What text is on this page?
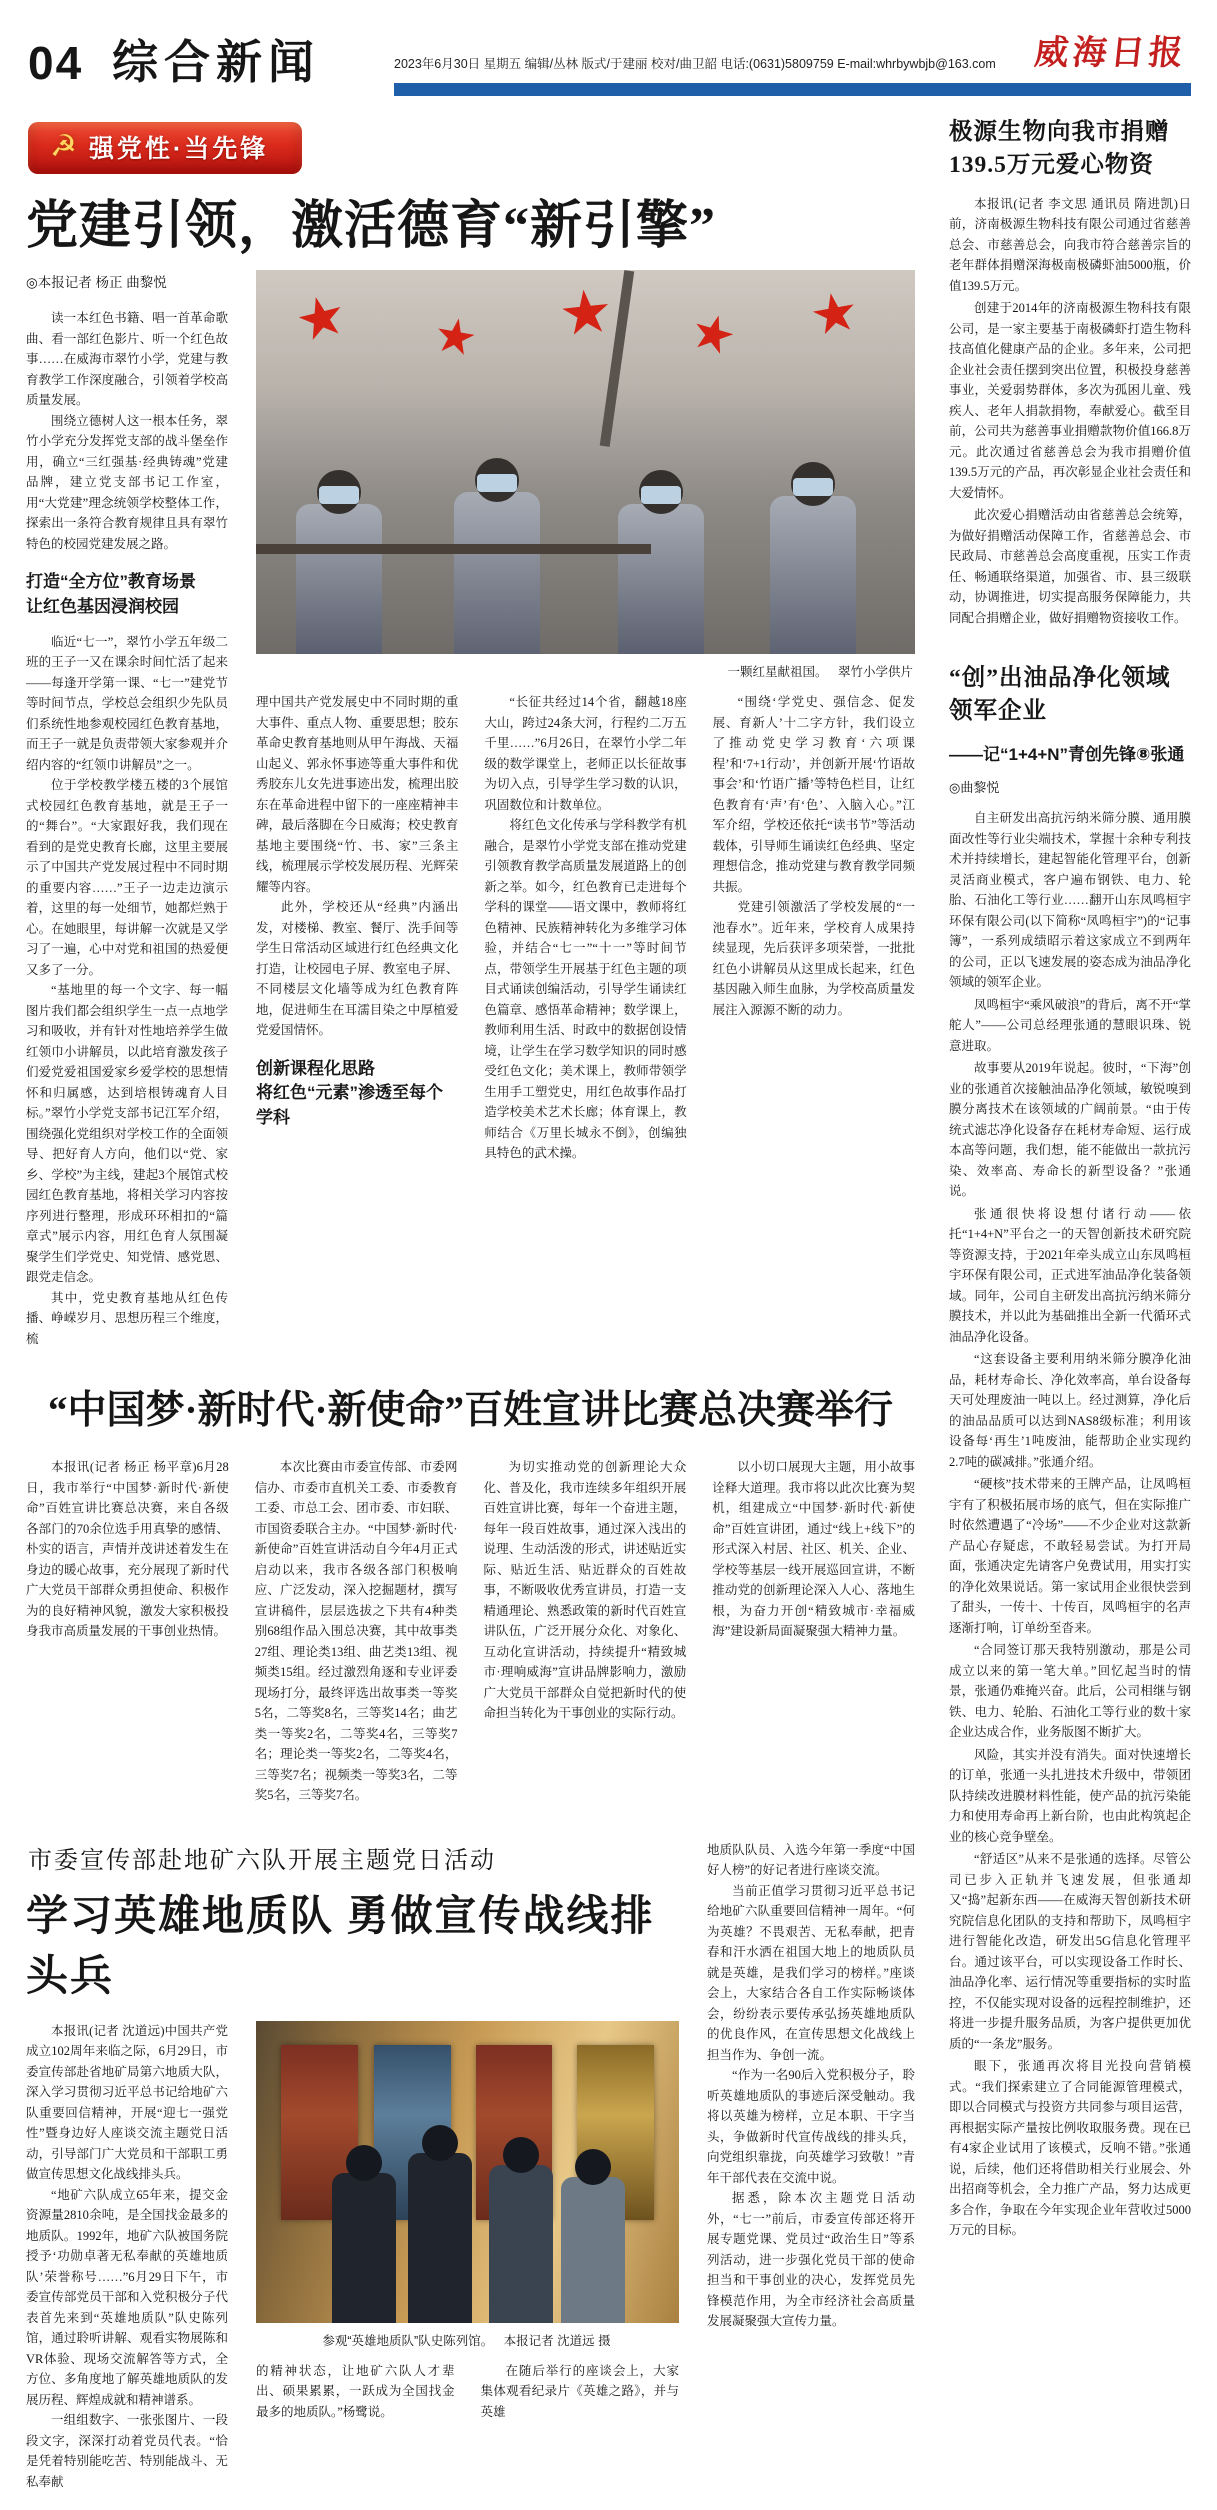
04 综合新闻	2023年6月30日 星期五 编辑/丛林 版式/于建丽 校对/曲卫韶 电话:(0631)5809759 E-mail:whrbywbjb@163.com 威海日报
☭ 强党性·当先锋
党建引领，激活德育“新引擎”
◎本报记者 杨正 曲黎悦

读一本红色书籍、唱一首革命歌曲、看一部红色影片、听一个红色故事……在威海市翠竹小学，党建与教育教学工作深度融合，引领着学校高质量发展。

围绕立德树人这一根本任务，翠竹小学充分发挥党支部的战斗堡垒作用，确立“三红强基·经典铸魂”党建品牌，建立党支部书记工作室，用“大党建”理念统领学校整体工作，探索出一条符合教育规律且具有翠竹特色的校园党建发展之路。

打造“全方位”教育场景
让红色基因浸润校园

临近“七一”，翠竹小学五年级二班的王子一又在课余时间忙活了起来——每逢开学第一课、“七一”建党节等时间节点，学校总会组织少先队员们系统性地参观校园红色教育基地，而王子一就是负责带领大家参观并介绍内容的“红领巾讲解员”之一。

位于学校教学楼五楼的3个展馆式校园红色教育基地，就是王子一的“舞台”。“大家跟好我，我们现在看到的是党史教育长廊，这里主要展示了中国共产党发展过程中不同时期的重要内容……”王子一边走边演示着，这里的每一处细节，她都烂熟于心。在她眼里，每讲解一次就是又学习了一遍，心中对党和祖国的热爱便又多了一分。

“基地里的每一个文字、每一幅图片我们都会组织学生一点一点地学习和吸收，并有针对性地培养学生做红领巾小讲解员，以此培育激发孩子们爱党爱祖国爱家乡爱学校的思想情怀和归属感，达到培根铸魂育人目标。”翠竹小学党支部书记江军介绍，围绕强化党组织对学校工作的全面领导、把好育人方向，他们以“党、家乡、学校”为主线，建起3个展馆式校园红色教育基地，将相关学习内容按序列进行整理，形成环环相扣的“篇章式”展示内容，用红色育人氛围凝聚学生们学党史、知党情、感党恩、跟党走信念。

其中，党史教育基地从红色传播、峥嵘岁月、思想历程三个维度，梳

★ ★ ★ ★ ★
一颗红星献祖国。 翠竹小学供片

理中国共产党发展史中不同时期的重大事件、重点人物、重要思想；胶东革命史教育基地则从甲午海战、天福山起义、郭永怀事迹等重大事件和优秀胶东儿女先进事迹出发，梳理出胶东在革命进程中留下的一座座精神丰碑，最后落脚在今日威海；校史教育基地主要围绕“竹、书、家”三条主线，梳理展示学校发展历程、光辉荣耀等内容。

此外，学校还从“经典”内涵出发，对楼梯、教室、餐厅、洗手间等学生日常活动区域进行红色经典文化打造，让校园电子屏、教室电子屏、不同楼层文化墙等成为红色教育阵地，促进师生在耳濡目染之中厚植爱党爱国情怀。

创新课程化思路
将红色“元素”渗透至每个学科

“长征共经过14个省，翻越18座大山，跨过24条大河，行程约二万五千里……”6月26日，在翠竹小学二年级的数学课堂上，老师正以长征故事为切入点，引导学生学习数的认识，巩固数位和计数单位。

将红色文化传承与学科教学有机融合，是翠竹小学党支部在推动党建引领教育教学高质量发展道路上的创新之举。如今，红色教育已走进每个学科的课堂——语文课中，教师将红色精神、民族精神转化为多维学习体验，并结合“七一”“十一”等时间节点，带领学生开展基于红色主题的项目式诵读创编活动，引导学生诵读红色篇章、感悟革命精神；数学课上，教师利用生活、时政中的数据创设情境，让学生在学习数学知识的同时感受红色文化；美术课上，教师带领学生用手工塑党史，用红色故事作品打造学校美术艺术长廊；体育课上，教师结合《万里长城永不倒》，创编独具特色的武术操。

“围绕‘学党史、强信念、促发展、育新人’十二字方针，我们设立了推动党史学习教育‘六项课程’和‘7+1行动’，并创新开展‘竹语故事会’和‘竹语广播’等特色栏目，让红色教育有‘声’有‘色’、入脑入心。”江军介绍，学校还依托“读书节”等活动载体，引导师生诵读红色经典、坚定理想信念，推动党建与教育教学同频共振。

党建引领激活了学校发展的“一池春水”。近年来，学校育人成果持续显现，先后获评多项荣誉，一批批红色小讲解员从这里成长起来，红色基因融入师生血脉，为学校高质量发展注入源源不断的动力。

“中国梦·新时代·新使命”百姓宣讲比赛总决赛举行

本报讯(记者 杨正 杨平章)6月28日，我市举行“中国梦·新时代·新使命”百姓宣讲比赛总决赛，来自各级各部门的70余位选手用真挚的感情、朴实的语言，声情并茂讲述着发生在身边的暖心故事，充分展现了新时代广大党员干部群众勇担使命、积极作为的良好精神风貌，激发大家积极投身我市高质量发展的干事创业热情。

本次比赛由市委宣传部、市委网信办、市委市直机关工委、市委教育工委、市总工会、团市委、市妇联、市国资委联合主办。“中国梦·新时代·新使命”百姓宣讲活动自今年4月正式启动以来，我市各级各部门积极响应、广泛发动，深入挖掘题材，撰写宣讲稿件，层层选拔之下共有4种类别68组作品入围总决赛，其中故事类27组、理论类13组、曲艺类13组、视频类15组。经过激烈角逐和专业评委现场打分，最终评选出故事类一等奖5名，二等奖8名，三等奖14名；曲艺类一等奖2名，二等奖4名，三等奖7名；理论类一等奖2名，二等奖4名，三等奖7名；视频类一等奖3名，二等奖5名，三等奖7名。

为切实推动党的创新理论大众化、普及化，我市连续多年组织开展百姓宣讲比赛，每年一个奋进主题，每年一段百姓故事，通过深入浅出的说理、生动活泼的形式，讲述贴近实际、贴近生活、贴近群众的百姓故事，不断吸收优秀宣讲员，打造一支精通理论、熟悉政策的新时代百姓宣讲队伍，广泛开展分众化、对象化、互动化宣讲活动，持续提升“精致城市·理响威海”宣讲品牌影响力，激励广大党员干部群众自觉把新时代的使命担当转化为干事创业的实际行动。

以小切口展现大主题，用小故事诠释大道理。我市将以此次比赛为契机，组建成立“中国梦·新时代·新使命”百姓宣讲团，通过“线上+线下”的形式深入村居、社区、机关、企业、学校等基层一线开展巡回宣讲，不断推动党的创新理论深入人心、落地生根，为奋力开创“精致城市·幸福威海”建设新局面凝聚强大精神力量。

市委宣传部赴地矿六队开展主题党日活动
学习英雄地质队 勇做宣传战线排头兵

本报讯(记者 沈道远)中国共产党成立102周年来临之际，6月29日，市委宣传部赴省地矿局第六地质大队，深入学习贯彻习近平总书记给地矿六队重要回信精神，开展“迎七一强党性”暨身边好人座谈交流主题党日活动，引导部门广大党员和干部职工勇做宣传思想文化战线排头兵。

“地矿六队成立65年来，提交金资源量2810余吨，是全国找金最多的地质队。1992年，地矿六队被国务院授予‘功勋卓著无私奉献的英雄地质队’荣誉称号……”6月29日下午，市委宣传部党员干部和入党积极分子代表首先来到“英雄地质队”队史陈列馆，通过聆听讲解、观看实物展陈和VR体验、现场交流解答等方式，全方位、多角度地了解英雄地质队的发展历程、辉煌成就和精神谱系。

一组组数字、一张张图片、一段段文字，深深打动着党员代表。“恰是凭着特别能吃苦、特别能战斗、无私奉献

参观“英雄地质队”队史陈列馆。 本报记者 沈道远 摄

的精神状态，让地矿六队人才辈出、硕果累累，一跃成为全国找金最多的地质队。”杨鹭说。

在随后举行的座谈会上，大家集体观看纪录片《英雄之路》，并与英雄

地质队队员、入选今年第一季度“中国好人榜”的好记者进行座谈交流。

当前正值学习贯彻习近平总书记给地矿六队重要回信精神一周年。“何为英雄？不畏艰苦、无私奉献，把青春和汗水洒在祖国大地上的地质队员就是英雄，是我们学习的榜样。”座谈会上，大家结合各自工作实际畅谈体会，纷纷表示要传承弘扬英雄地质队的优良作风，在宣传思想文化战线上担当作为、争创一流。

“作为一名90后入党积极分子，聆听英雄地质队的事迹后深受触动。我将以英雄为榜样，立足本职、干字当头，争做新时代宣传战线的排头兵，向党组织靠拢，向英雄学习致敬！”青年干部代表在交流中说。

据悉，除本次主题党日活动外，“七一”前后，市委宣传部还将开展专题党课、党员过“政治生日”等系列活动，进一步强化党员干部的使命担当和干事创业的决心，发挥党员先锋模范作用，为全市经济社会高质量发展凝聚强大宣传力量。

极源生物向我市捐赠
139.5万元爱心物资

本报讯(记者 李文思 通讯员 隋进凯)日前，济南极源生物科技有限公司通过省慈善总会、市慈善总会，向我市符合慈善宗旨的老年群体捐赠深海极南极磷虾油5000瓶，价值139.5万元。

创建于2014年的济南极源生物科技有限公司，是一家主要基于南极磷虾打造生物科技高值化健康产品的企业。多年来，公司把企业社会责任摆到突出位置，积极投身慈善事业，关爱弱势群体，多次为孤困儿童、残疾人、老年人捐款捐物，奉献爱心。截至目前，公司共为慈善事业捐赠款物价值166.8万元。此次通过省慈善总会为我市捐赠价值139.5万元的产品，再次彰显企业社会责任和大爱情怀。

此次爱心捐赠活动由省慈善总会统筹，为做好捐赠活动保障工作，省慈善总会、市民政局、市慈善总会高度重视，压实工作责任、畅通联络渠道，加强省、市、县三级联动，协调推进，切实提高服务保障能力，共同配合捐赠企业，做好捐赠物资接收工作。

“创”出油品净化领域
领军企业
——记“1+4+N”青创先锋⑧张通
◎曲黎悦

自主研发出高抗污纳米筛分膜、通用膜面改性等行业尖端技术，掌握十余种专利技术并持续增长，建起智能化管理平台，创新灵活商业模式，客户遍布钢铁、电力、轮胎、石油化工等行业……翻开山东凤鸣桓宇环保有限公司(以下简称“凤鸣桓宇”)的“记事簿”，一系列成绩昭示着这家成立不到两年的公司，正以飞速发展的姿态成为油品净化领域的领军企业。

凤鸣桓宇“乘风破浪”的背后，离不开“掌舵人”——公司总经理张通的慧眼识珠、锐意进取。

故事要从2019年说起。彼时，“下海”创业的张通首次接触油品净化领域，敏锐嗅到膜分离技术在该领域的广阔前景。“由于传统式滤芯净化设备存在耗材寿命短、运行成本高等问题，我们想，能不能做出一款抗污染、效率高、寿命长的新型设备？”张通说。

张通很快将设想付诸行动——依托“1+4+N”平台之一的天智创新技术研究院等资源支持，于2021年牵头成立山东凤鸣桓宇环保有限公司，正式进军油品净化装备领域。同年，公司自主研发出高抗污纳米筛分膜技术，并以此为基础推出全新一代循环式油品净化设备。

“这套设备主要利用纳米筛分膜净化油品，耗材寿命长、净化效率高，单台设备每天可处理废油一吨以上。经过测算，净化后的油品品质可以达到NAS8级标准；利用该设备每‘再生’1吨废油，能帮助企业实现约2.7吨的碳减排。”张通介绍。

“硬核”技术带来的王牌产品，让凤鸣桓宇有了积极拓展市场的底气，但在实际推广时依然遭遇了“冷场”——不少企业对这款新产品心存疑虑，不敢轻易尝试。为打开局面，张通决定先请客户免费试用，用实打实的净化效果说话。第一家试用企业很快尝到了甜头，一传十、十传百，凤鸣桓宇的名声逐渐打响，订单纷至沓来。

“合同签订那天我特别激动，那是公司成立以来的第一笔大单。”回忆起当时的情景，张通仍难掩兴奋。此后，公司相继与钢铁、电力、轮胎、石油化工等行业的数十家企业达成合作，业务版图不断扩大。

风险，其实并没有消失。面对快速增长的订单，张通一头扎进技术升级中，带领团队持续改进膜材料性能，使产品的抗污染能力和使用寿命再上新台阶，也由此构筑起企业的核心竞争壁垒。

“舒适区”从来不是张通的选择。尽管公司已步入正轨并飞速发展，但张通却又“捣”起新东西——在威海天智创新技术研究院信息化团队的支持和帮助下，凤鸣桓宇进行智能化改造，研发出5G信息化管理平台。通过该平台，可以实现设备工作时长、油品净化率、运行情况等重要指标的实时监控，不仅能实现对设备的远程控制维护，还将进一步提升服务品质，为客户提供更加优质的“一条龙”服务。

眼下，张通再次将目光投向营销模式。“我们探索建立了合同能源管理模式，即以合同模式与投资方共同参与项目运营，再根据实际产量按比例收取服务费。现在已有4家企业试用了该模式，反响不错。”张通说，后续，他们还将借助相关行业展会、外出招商等机会，全力推广产品，努力达成更多合作，争取在今年实现企业年营收过5000万元的目标。
